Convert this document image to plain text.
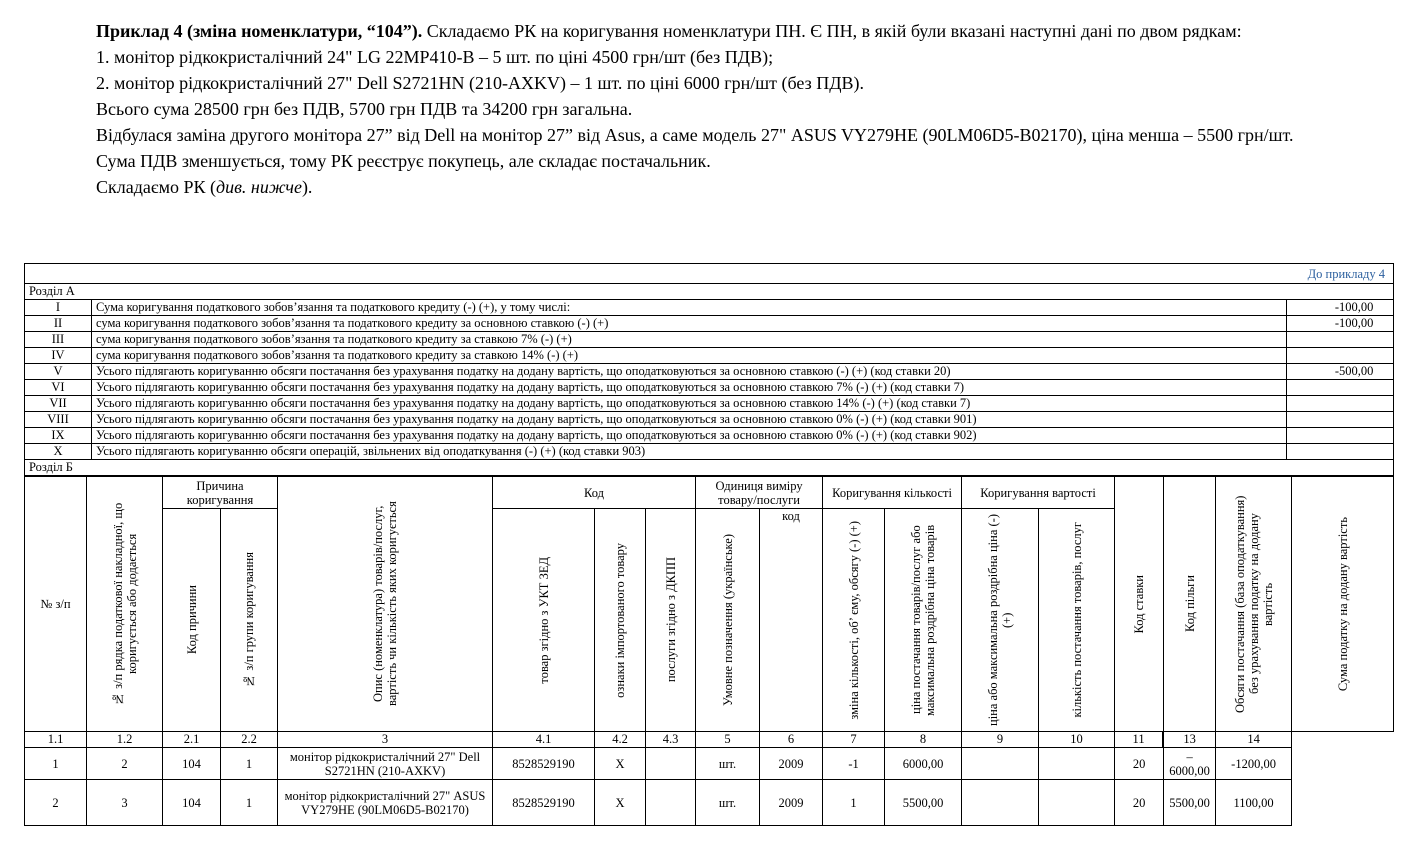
Приклад 4 (зміна номенклатури, “104”). Складаємо РК на коригування номенклатури ПН. Є ПН, в якій були вказані наступні дані по двом рядкам:

1. монітор рідкокристалічний 24" LG 22MP410-B – 5 шт. по ціні 4500 грн/шт (без ПДВ);

2. монітор рідкокристалічний 27" Dell S2721HN (210-AXKV) – 1 шт. по ціні 6000 грн/шт (без ПДВ).

Всього сума 28500 грн без ПДВ, 5700 грн ПДВ та 34200 грн загальна.

Відбулася заміна другого монітора 27” від Dell на монітор 27” від Asus, а саме модель 27" ASUS VY279HE (90LM06D5-B02170), ціна менша – 5500 грн/шт.

Сума ПДВ зменшується, тому РК реєструє покупець, але складає постачальник.

Складаємо РК (див. нижче).

До прикладу 4		
Розділ А		
I	Сума коригування податкового зобов’язання та податкового кредиту (-) (+), у тому числі:	-100,00
II	сума коригування податкового зобов’язання та податкового кредиту за основною ставкою (-) (+)	-100,00
III	сума коригування податкового зобов’язання та податкового кредиту за ставкою 7% (-) (+)	
IV	сума коригування податкового зобов’язання та податкового кредиту за ставкою 14% (-) (+)	
V	Усього підлягають коригуванню обсяги постачання без урахування податку на додану вартість, що оподатковуються за основною ставкою (-) (+) (код ставки 20)	-500,00
VI	Усього підлягають коригуванню обсяги постачання без урахування податку на додану вартість, що оподатковуються за основною ставкою 7% (-) (+) (код ставки 7)	
VII	Усього підлягають коригуванню обсяги постачання без урахування податку на додану вартість, що оподатковуються за основною ставкою 14% (-) (+) (код ставки 7)	
VIII	Усього підлягають коригуванню обсяги постачання без урахування податку на додану вартість, що оподатковуються за основною ставкою 0% (-) (+) (код ставки 901)	
IX	Усього підлягають коригуванню обсяги постачання без урахування податку на додану вартість, що оподатковуються за основною ставкою 0% (-) (+) (код ставки 902)	
X	Усього підлягають коригуванню обсяги операцій, звільнених від оподаткування (-) (+) (код ставки 903)	
Розділ Б		
№ з/п	№ з/п рядка податкової накладної, що коригується або додається	Причина коригування		Опис (номенклатура) товарів/послуг, вартість чи кількість яких коригується	Код			Одиниця виміру товару/послуги		Коригування кількості		Коригування вартості		Код ставки	Код пільги	Обсяги постачання (база оподаткування) без урахування податку на додану вартість	Сума податку на додану вартість

		Код причини	№ з/п групи коригування		товар згідно з УКТ ЗЕД	ознаки імпортованого товару	послуги згідно з ДКПП	Умовне позначення (українське)	код	зміна кількості, об’ єму, обсягу (-) (+)	ціна постачання товарів/послуг або максимальна роздрібна ціна товарів	ціна або максимальна роздрібна ціна (-) (+)	кількість постачання товарів, послуг				

1.1	1.2	2.1	2.2	3	4.1	4.2	4.3	5	6	7	8	9	10	11	13	14	
1	2	104	1	монітор рідкокристалічний 27" Dell S2721HN (210-AXKV)	8528529190	X		шт.	2009	-1	6000,00			20	–6000,00	-1200,00	
2	3	104	1	монітор рідкокристалічний 27" ASUS VY279HE (90LM06D5-B02170)	8528529190	X		шт.	2009	1	5500,00			20	5500,00	1100,00	
